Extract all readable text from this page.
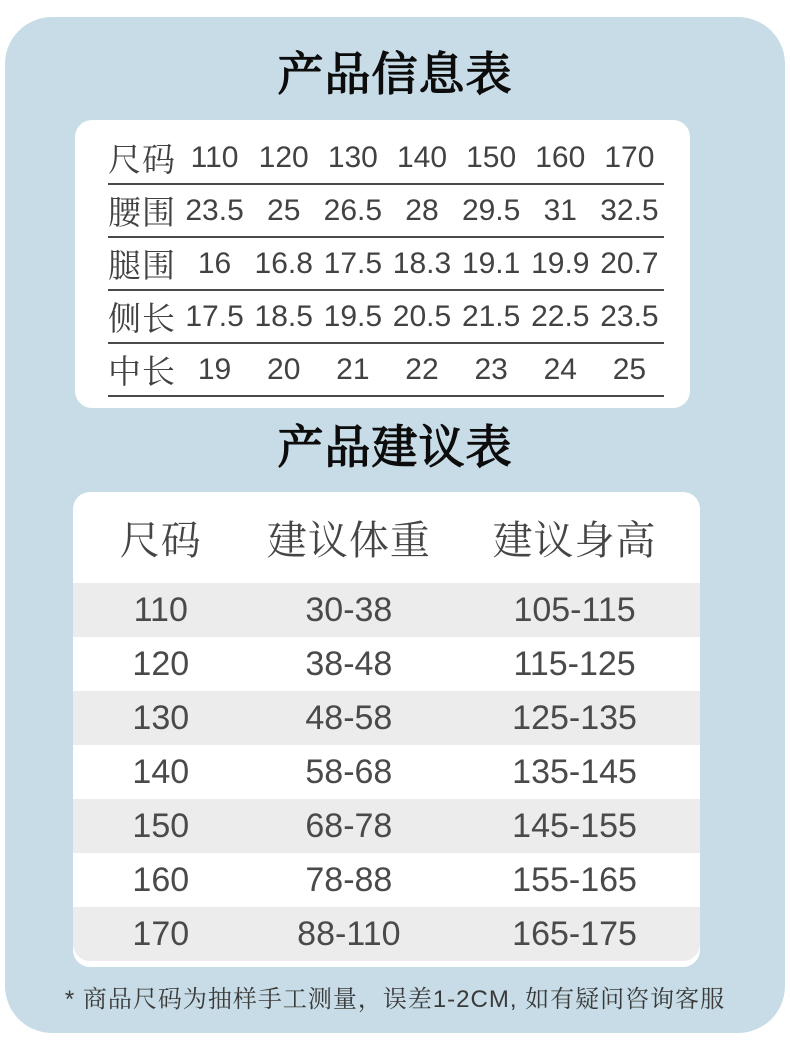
产品信息表
尺码 110 120 130 140 150 160 170
腰围 23.5 25 26.5 28 29.5 31 32.5
腿围 16 16.8 17.5 18.3 19.1 19.9 20.7
侧长 17.5 18.5 19.5 20.5 21.5 22.5 23.5
中长 19	20	21	22	23	24	25
产品建议表
尺码	建议体重	建议身高
110	30-38	105-115
120	38-48	115-125
130	48-58	125-135
140	58-68	135-145
150	68-78	145-155
160	78-88	155-165
170	88-110	165-175
* 商品尺码为抽样手工测量，误差1-2CM, 如有疑问咨询客服
